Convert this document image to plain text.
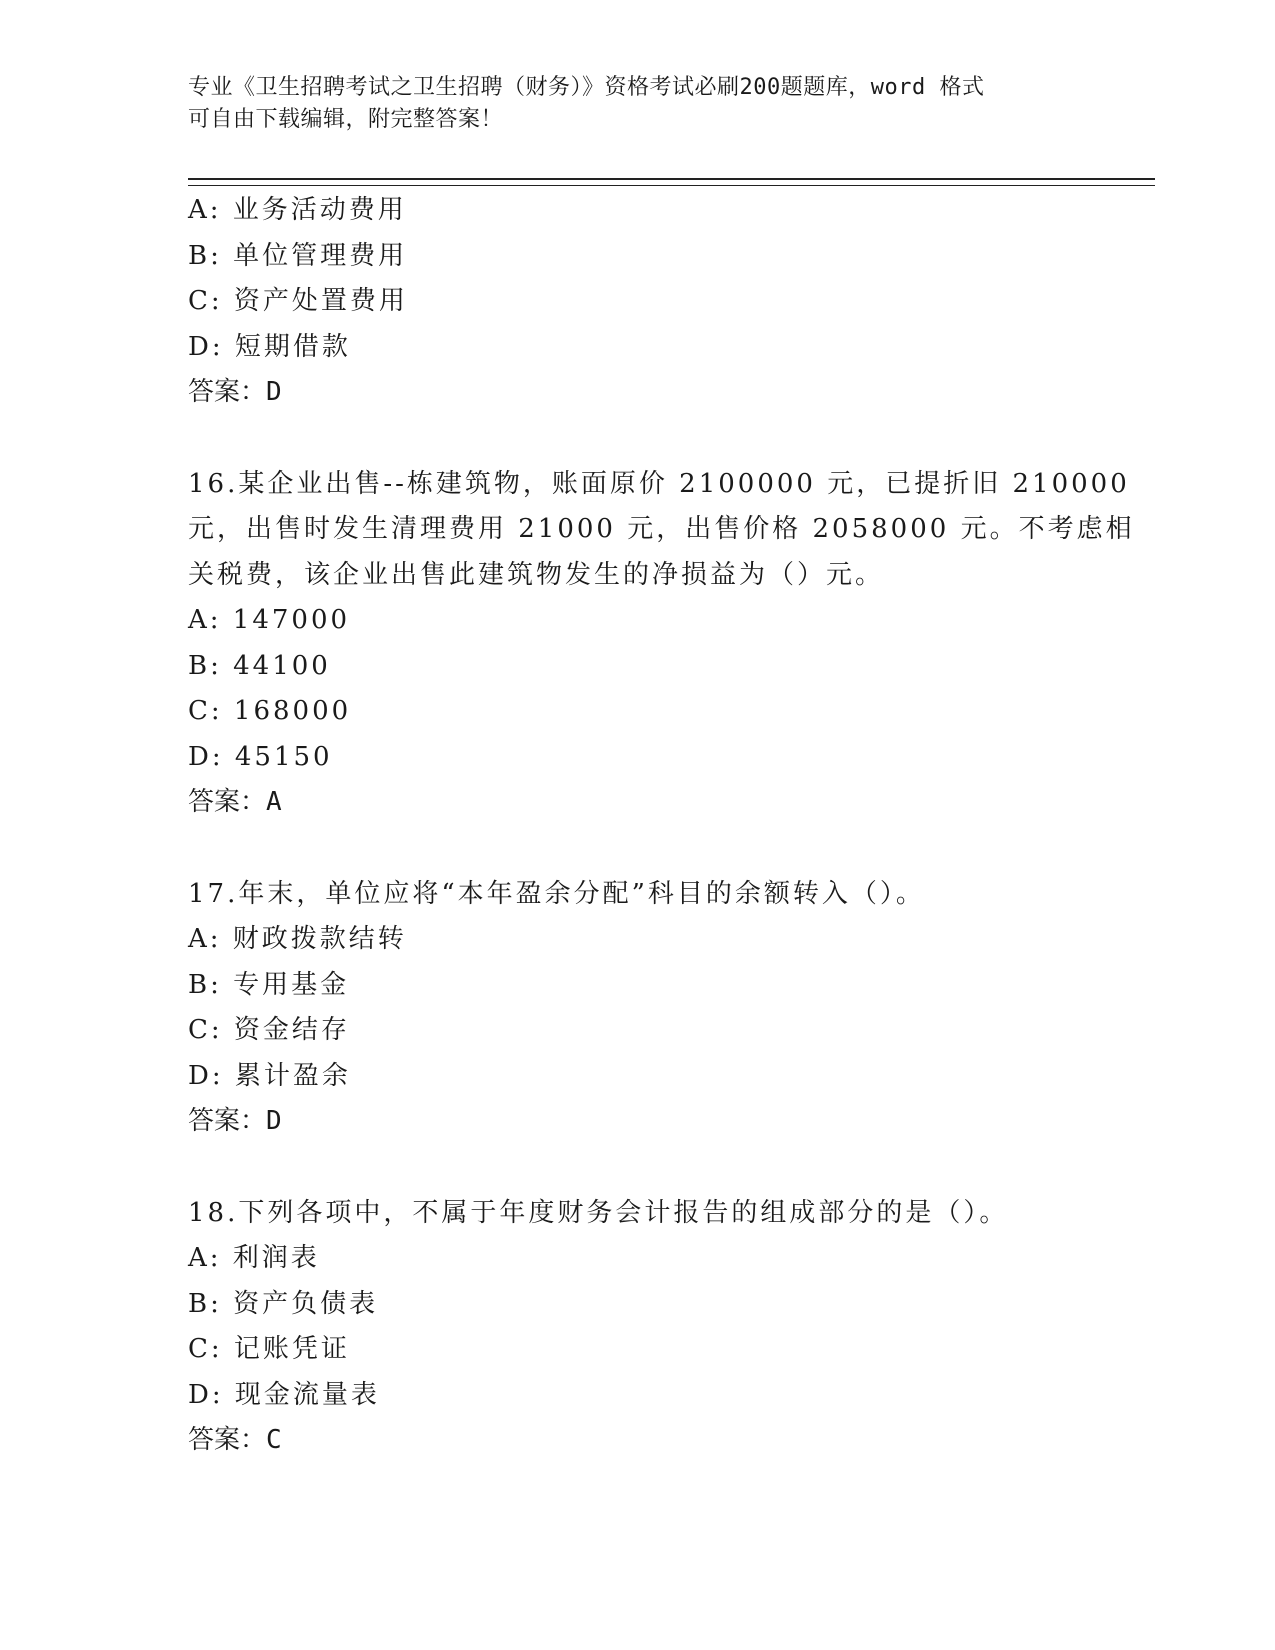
专业《卫生招聘考试之卫生招聘（财务）》资格考试必刷200题题库，word 格式
可自由下载编辑，附完整答案！
A: 业务活动费用
B: 单位管理费用
C: 资产处置费用
D: 短期借款
答案：D
16.某企业出售--栋建筑物，账面原价 2100000 元，已提折旧 210000
元，出售时发生清理费用 21000 元，出售价格 2058000 元。不考虑相
关税费，该企业出售此建筑物发生的净损益为（）元。
A: 147000
B: 44100
C: 168000
D: 45150
答案：A
17.年末，单位应将“本年盈余分配”科目的余额转入（）。
A: 财政拨款结转
B: 专用基金
C: 资金结存
D: 累计盈余
答案：D
18.下列各项中，不属于年度财务会计报告的组成部分的是（）。
A: 利润表
B: 资产负债表
C: 记账凭证
D: 现金流量表
答案：C
